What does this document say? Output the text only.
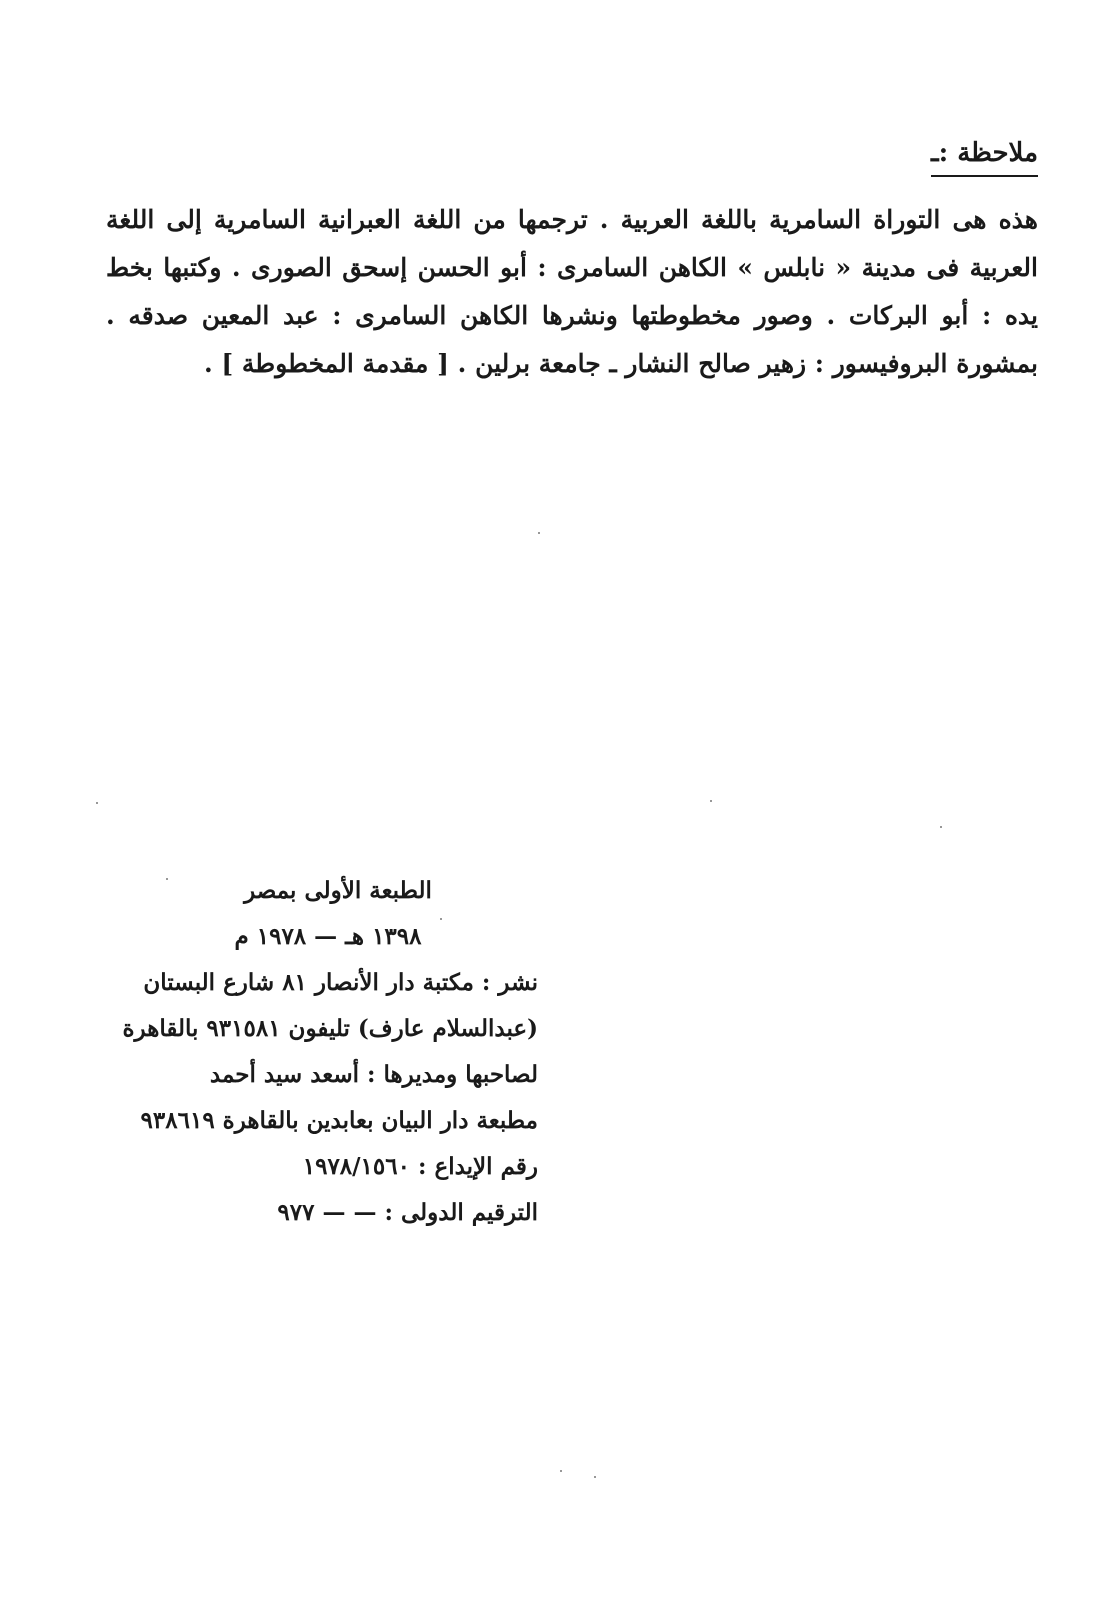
ملاحظة :ـ

هذه هى التوراة السامرية باللغة العربية . ترجمها من اللغة العبرانية السامرية إلى اللغة العربية فى مدينة « نابلس » الكاهن السامرى : أبو الحسن إسحق الصورى . وكتبها بخط يده : أبو البركات . وصور مخطوطتها ونشرها الكاهن السامرى : عبد المعين صدقه . بمشورة البروفيسور : زهير صالح النشار ـ جامعة برلين . [ مقدمة المخطوطة ] .

الطبعة الأولى بمصر
١٣٩٨ هـ — ١٩٧٨ م
نشر : مكتبة دار الأنصار ٨١ شارع البستان
(عبدالسلام عارف) تليفون ٩٣١٥٨١ بالقاهرة
لصاحبها ومديرها : أسعد سيد أحمد
مطبعة دار البيان بعابدين بالقاهرة ٩٣٨٦١٩
رقم الإيداع : ١٩٧٨/١٥٦٠
الترقيم الدولى : — — ٩٧٧
